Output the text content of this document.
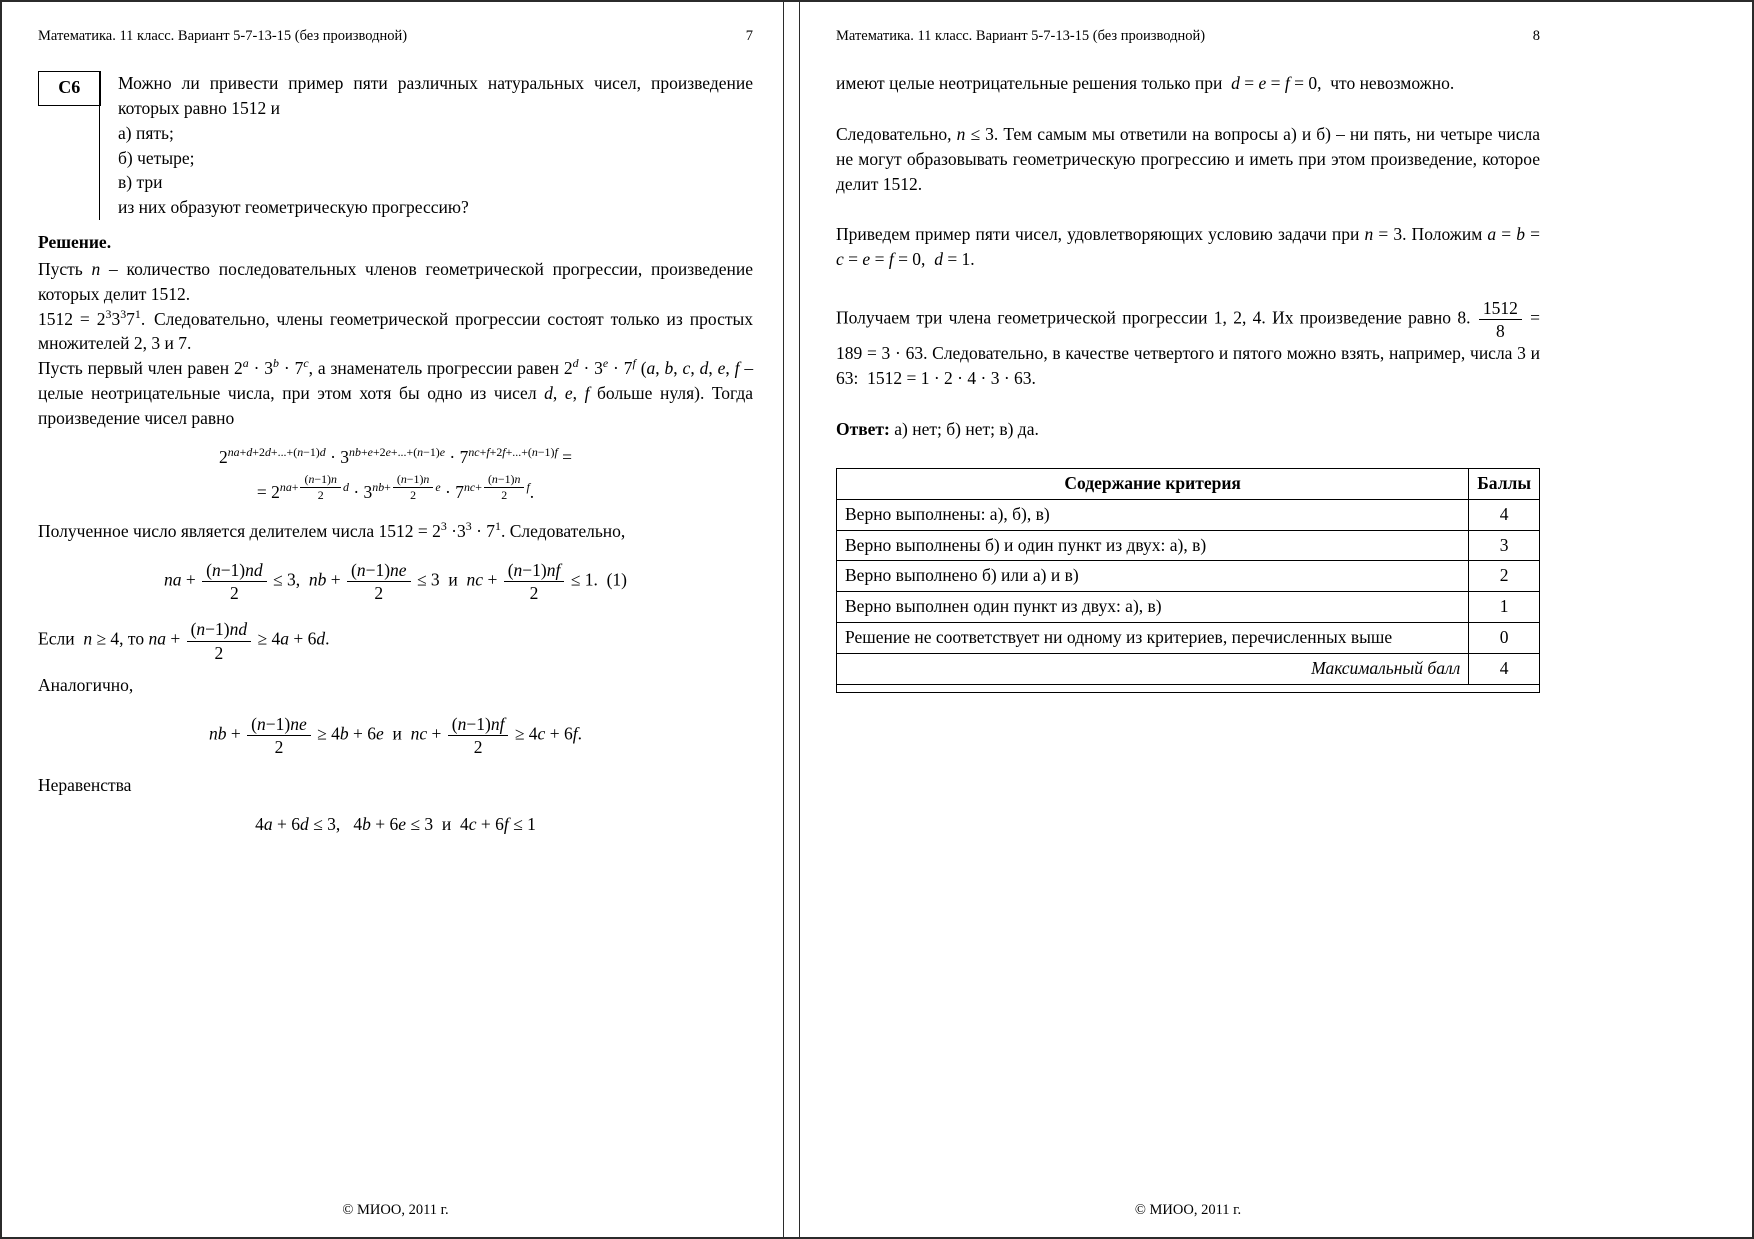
Математика. 11 класс. Вариант 5-7-13-15 (без производной)	7
С6	Можно ли привести пример пяти различных натуральных чисел, произведение которых равно 1512 и

а) пять;

б) четыре;

в) три

из них образуют геометрическую прогрессию?

Решение.

Пусть n – количество последовательных членов геометрической прогрессии, произведение которых делит 1512.

$1512 = 2^33^37^1$. Следовательно, члены геометрической прогрессии состоят только из простых множителей 2, 3 и 7.

Пусть первый член равен $2^a \cdot 3^b \cdot 7^c$, а знаменатель прогрессии равен $2^d \cdot 3^e \cdot 7^f$ (a, b, c, d, e, f – целые неотрицательные числа, при этом хотя бы одно из чисел d, e, f больше нуля). Тогда произведение чисел равно

$2^{na+d+2d+...+(n-1)d} \cdot 3^{nb+e+2e+...+(n-1)e} \cdot 7^{nc+f+2f+...+(n-1)f}$ =
= $2^{na+ \frac{(n-1)n}{2} d} \cdot 3^{nb+ \frac{(n-1)n}{2} e} \cdot 7^{nc+ \frac{(n-1)n}{2} f}$.

Полученное число является делителем числа $1512 = 2^3 \cdot 3^3 \cdot 7^1$. Следовательно,

na + $\frac{(n-1)nd}{2} \le 3$, nb + $\frac{(n-1)ne}{2} \le 3$ и nc + $\frac{(n-1)nf}{2} \le 1$. (1)

Если n ≥ 4, то na + $\frac{(n-1)nd}{2} \ge 4a + 6d$.

Аналогично,

nb + $\frac{(n-1)ne}{2} \ge 4b + 6e$ и nc + $\frac{(n-1)nf}{2} \ge 4c + 6f$.

Неравенства

4a + 6d ≤ 3,  4b + 6e ≤ 3 и 4c + 6f ≤ 1
© МИОО, 2011 г.
Математика. 11 класс. Вариант 5-7-13-15 (без производной)	8

имеют целые неотрицательные решения только при d = e = f = 0, что невозможно.

Следовательно, n ≤ 3. Тем самым мы ответили на вопросы а) и б) – ни пять, ни четыре числа не могут образовывать геометрическую прогрессию и иметь при этом произведение, которое делит 1512.

Приведем пример пяти чисел, удовлетворяющих условию задачи при n = 3. Положим a = b = c = e = f = 0, d = 1.

Получаем три члена геометрической прогрессии 1, 2, 4. Их произведение равно 8. $\frac{1512}{8} = 189 = 3 \cdot 63$. Следовательно, в качестве четвертого и пятого можно взять, например, числа 3 и 63: 1512 = 1 · 2 · 4 · 3 · 63.

Ответ: а) нет; б) нет; в) да.

Содержание критерия	Баллы
Верно выполнены: а), б), в)	4
Верно выполнены б) и один пункт из двух: а), в)	3
Верно выполнено б) или а) и в)	2
Верно выполнен один пункт из двух: а), в)	1
Решение не соответствует ни одному из критериев, перечисленных выше	0
Максимальный балл	4

© МИОО, 2011 г.
